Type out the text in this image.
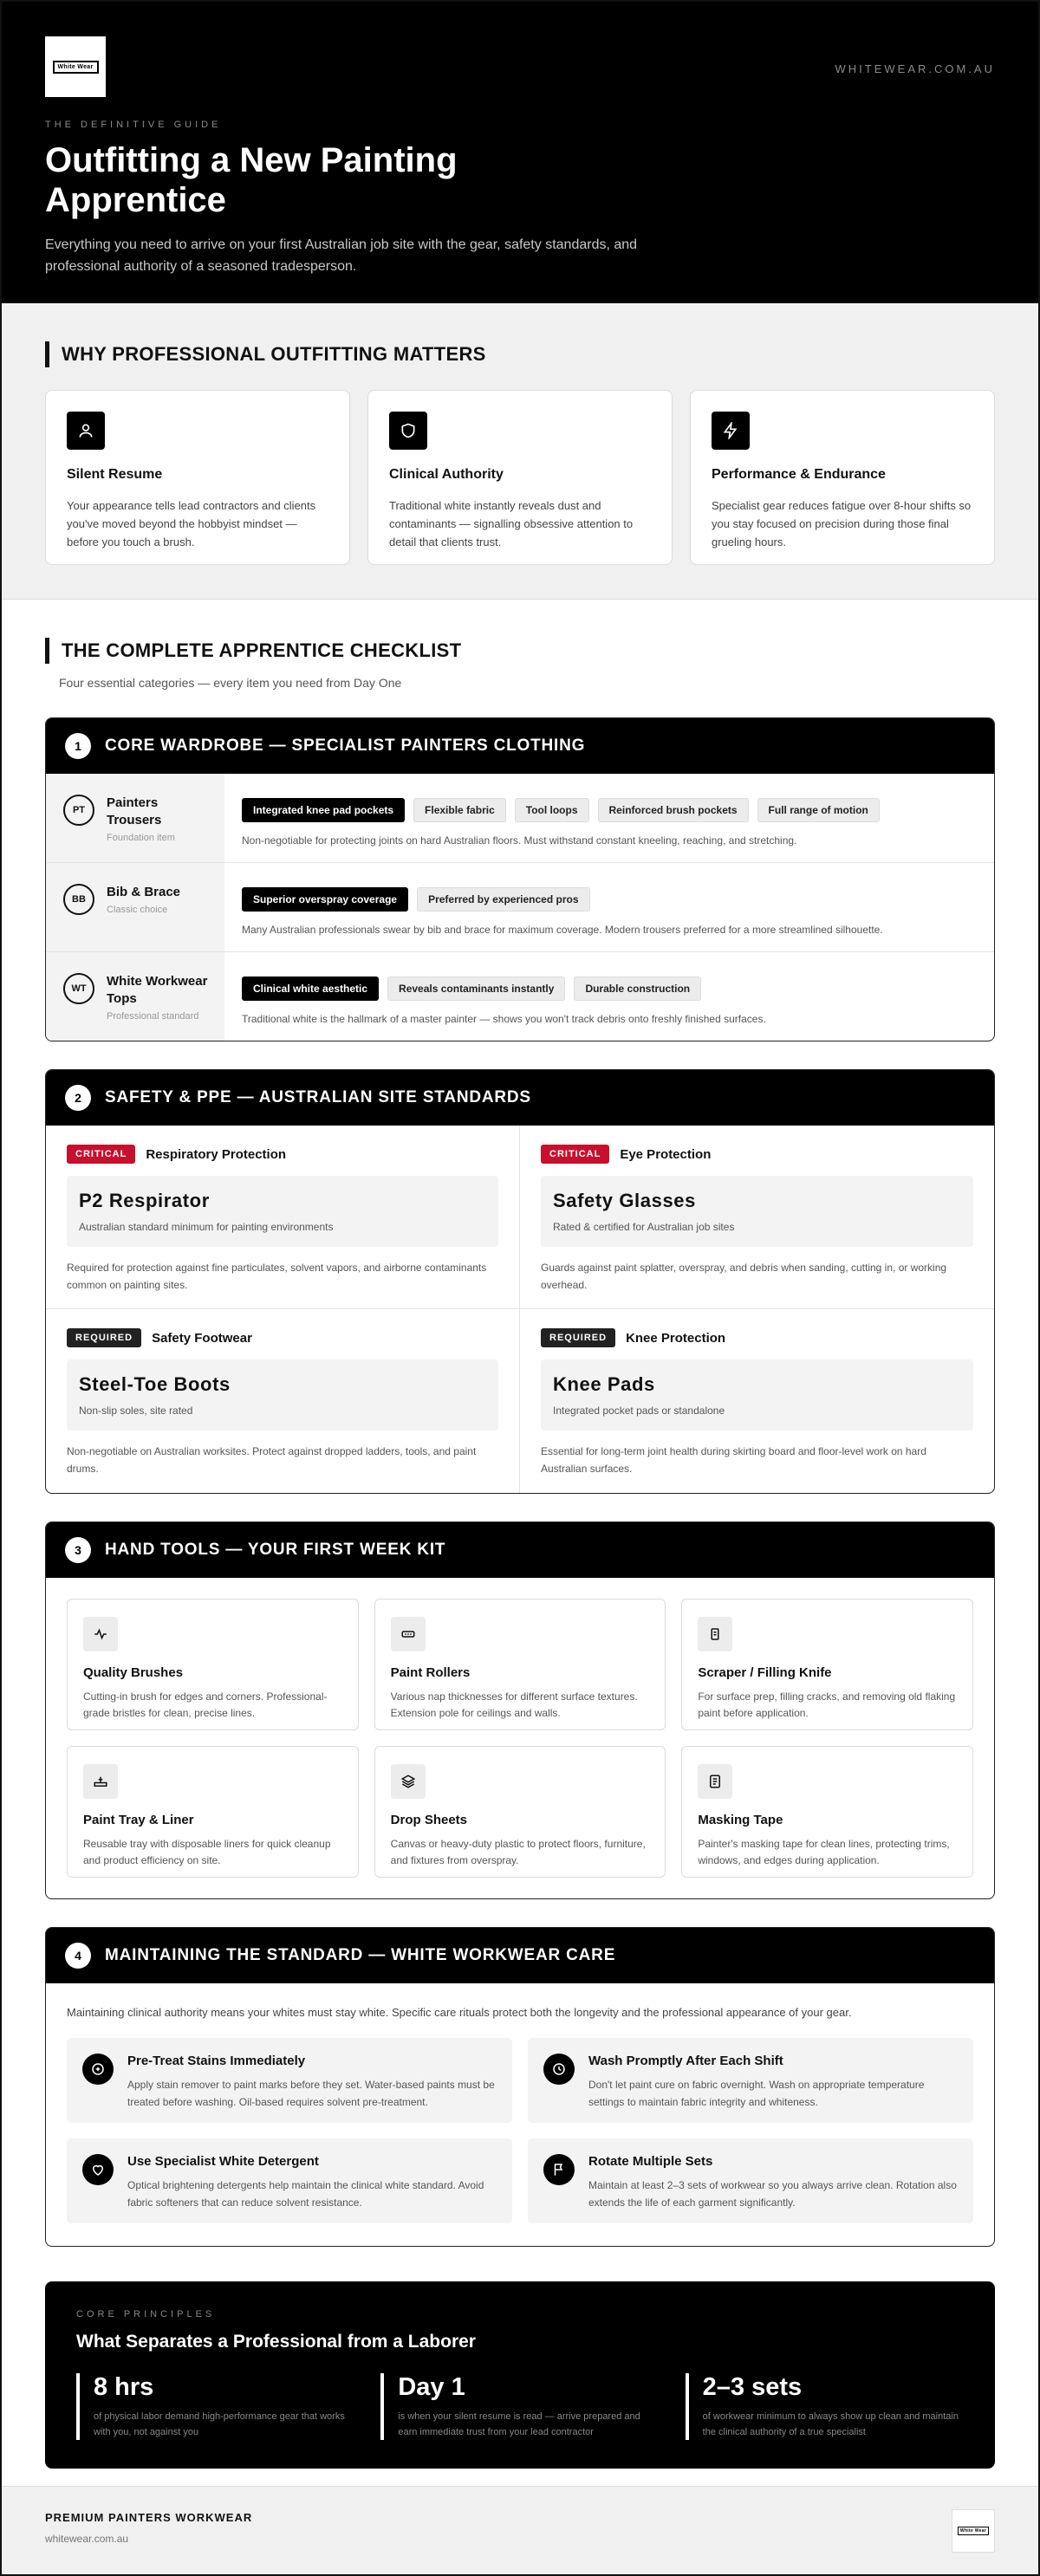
White Wear	WHITEWEAR.COM.AU
THE DEFINITIVE GUIDE
Outfitting a New Painting Apprentice

Everything you need to arrive on your first Australian job site with the gear, safety standards, and professional authority of a seasoned tradesperson.

WHY PROFESSIONAL OUTFITTING MATTERS
Silent Resume

Your appearance tells lead contractors and clients you've moved beyond the hobbyist mindset — before you touch a brush.

Clinical Authority

Traditional white instantly reveals dust and contaminants — signalling obsessive attention to detail that clients trust.

Performance & Endurance

Specialist gear reduces fatigue over 8-hour shifts so you stay focused on precision during those final grueling hours.

THE COMPLETE APPRENTICE CHECKLIST

Four essential categories — every item you need from Day One

1	CORE WARDROBE — SPECIALIST PAINTERS CLOTHING
PT	Painters Trousers
Foundation item
Integrated knee pad pockets	Flexible fabric	Tool loops	Reinforced brush pockets	Full range of motion

Non-negotiable for protecting joints on hard Australian floors. Must withstand constant kneeling, reaching, and stretching.

BB	Bib & Brace
Classic choice
Superior overspray coverage	Preferred by experienced pros

Many Australian professionals swear by bib and brace for maximum coverage. Modern trousers preferred for a more streamlined silhouette.

WT	White Workwear Tops
Professional standard
Clinical white aesthetic	Reveals contaminants instantly	Durable construction

Traditional white is the hallmark of a master painter — shows you won't track debris onto freshly finished surfaces.

2	SAFETY & PPE — AUSTRALIAN SITE STANDARDS
CRITICAL	Respiratory Protection
P2 Respirator

Australian standard minimum for painting environments

Required for protection against fine particulates, solvent vapors, and airborne contaminants common on painting sites.

CRITICAL	Eye Protection
Safety Glasses

Rated & certified for Australian job sites

Guards against paint splatter, overspray, and debris when sanding, cutting in, or working overhead.

REQUIRED	Safety Footwear
Steel-Toe Boots

Non-slip soles, site rated

Non-negotiable on Australian worksites. Protect against dropped ladders, tools, and paint drums.

REQUIRED	Knee Protection
Knee Pads

Integrated pocket pads or standalone

Essential for long-term joint health during skirting board and floor-level work on hard Australian surfaces.

3	HAND TOOLS — YOUR FIRST WEEK KIT
Quality Brushes

Cutting-in brush for edges and corners. Professional-grade bristles for clean, precise lines.

Paint Rollers

Various nap thicknesses for different surface textures. Extension pole for ceilings and walls.

Scraper / Filling Knife

For surface prep, filling cracks, and removing old flaking paint before application.

Paint Tray & Liner

Reusable tray with disposable liners for quick cleanup and product efficiency on site.

Drop Sheets

Canvas or heavy-duty plastic to protect floors, furniture, and fixtures from overspray.

Masking Tape

Painter's masking tape for clean lines, protecting trims, windows, and edges during application.

4	MAINTAINING THE STANDARD — WHITE WORKWEAR CARE

Maintaining clinical authority means your whites must stay white. Specific care rituals protect both the longevity and the professional appearance of your gear.

Pre-Treat Stains Immediately

Apply stain remover to paint marks before they set. Water-based paints must be treated before washing. Oil-based requires solvent pre-treatment.

Wash Promptly After Each Shift

Don't let paint cure on fabric overnight. Wash on appropriate temperature settings to maintain fabric integrity and whiteness.

Use Specialist White Detergent

Optical brightening detergents help maintain the clinical white standard. Avoid fabric softeners that can reduce solvent resistance.

Rotate Multiple Sets

Maintain at least 2–3 sets of workwear so you always arrive clean. Rotation also extends the life of each garment significantly.

CORE PRINCIPLES
What Separates a Professional from a Laborer
8 hrs

of physical labor demand high-performance gear that works with you, not against you

Day 1

is when your silent resume is read — arrive prepared and earn immediate trust from your lead contractor

2–3 sets

of workwear minimum to always show up clean and maintain the clinical authority of a true specialist

PREMIUM PAINTERS WORKWEAR
whitewear.com.au
White Wear
